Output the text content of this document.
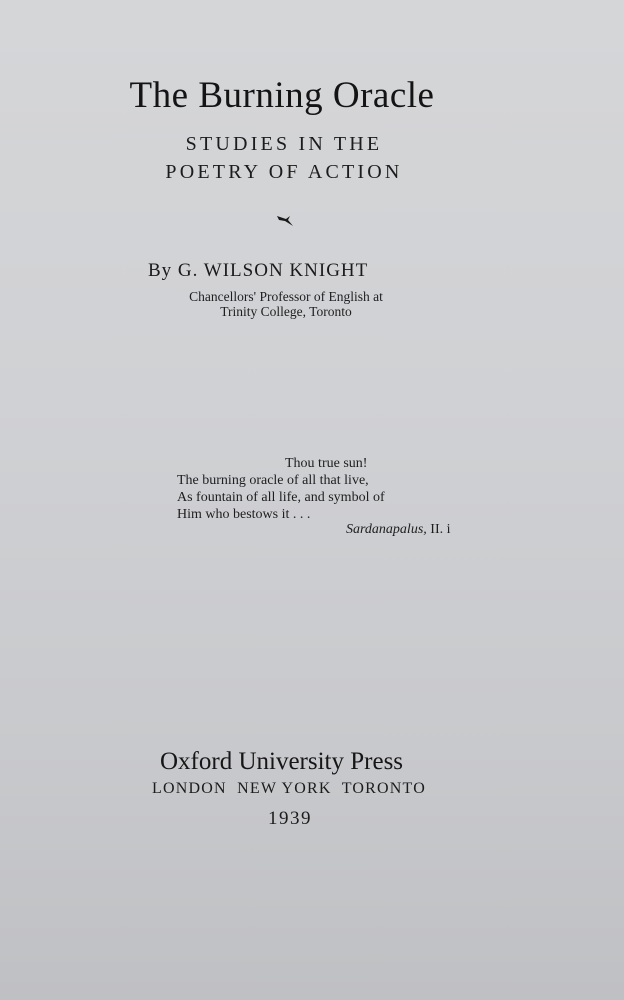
The Burning Oracle
STUDIES IN THE
POETRY OF ACTION
By G. WILSON KNIGHT
Chancellors' Professor of English at
Trinity College, Toronto
Thou true sun!
The burning oracle of all that live,
As fountain of all life, and symbol of
Him who bestows it . . .
Sardanapalus, II. i
Oxford University Press
LONDON  NEW YORK  TORONTO
1939
